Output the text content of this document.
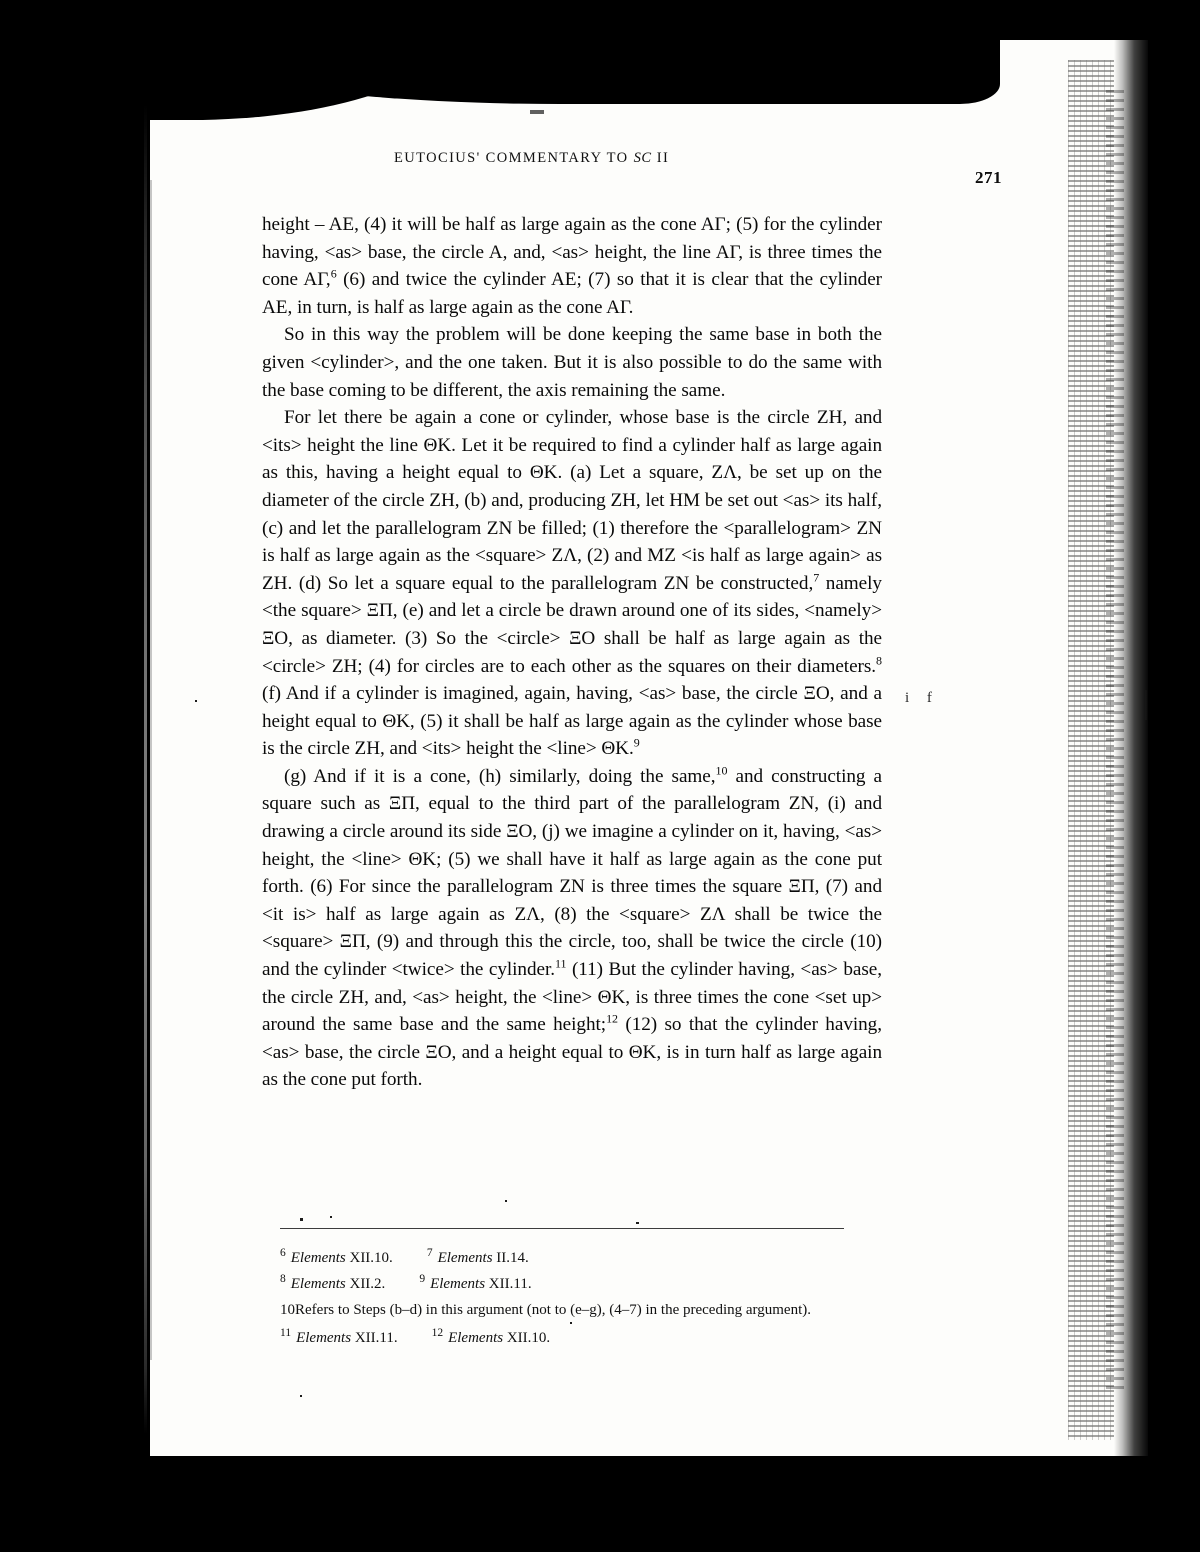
271
EUTOCIUS' COMMENTARY TO SC II

height – AE, (4) it will be half as large again as the cone AΓ; (5) for the cylinder having, <as> base, the circle A, and, <as> height, the line AΓ, is three times the cone AΓ,$^6$ (6) and twice the cylinder AE; (7) so that it is clear that the cylinder AE, in turn, is half as large again as the cone AΓ.

So in this way the problem will be done keeping the same base in both the given <cylinder>, and the one taken. But it is also possible to do the same with the base coming to be different, the axis remaining the same.

For let there be again a cone or cylinder, whose base is the circle ZH, and <its> height the line ΘK. Let it be required to find a cylinder half as large again as this, having a height equal to ΘK. (a) Let a square, ZΛ, be set up on the diameter of the circle ZH, (b) and, producing ZH, let HM be set out <as> its half, (c) and let the parallelogram ZN be filled; (1) therefore the <parallelogram> ZN is half as large again as the <square> ZΛ, (2) and MZ <is half as large again> as ZH. (d) So let a square equal to the parallelogram ZN be constructed,$^7$ namely <the square> ΞΠ, (e) and let a circle be drawn around one of its sides, <namely> ΞO, as diameter. (3) So the <circle> ΞO shall be half as large again as the <circle> ZH; (4) for circles are to each other as the squares on their diameters.$^8$ (f) And if a cylinder is imagined, again, having, <as> base, the circle ΞO, and a height equal to ΘK, (5) it shall be half as large again as the cylinder whose base is the circle ZH, and <its> height the <line> ΘK.$^9$

(g) And if it is a cone, (h) similarly, doing the same,$^{10}$ and constructing a square such as ΞΠ, equal to the third part of the parallelogram ZN, (i) and drawing a circle around its side ΞO, (j) we imagine a cylinder on it, having, <as> height, the <line> ΘK; (5) we shall have it half as large again as the cone put forth. (6) For since the parallelogram ZN is three times the square ΞΠ, (7) and <it is> half as large again as ZΛ, (8) the <square> ZΛ shall be twice the <square> ΞΠ, (9) and through this the circle, too, shall be twice the circle (10) and the cylinder <twice> the cylinder.$^{11}$ (11) But the cylinder having, <as> base, the circle ZH, and, <as> height, the <line> ΘK, is three times the cone <set up> around the same base and the same height;$^{12}$ (12) so that the cylinder having, <as> base, the circle ΞO, and a height equal to ΘK, is in turn half as large again as the cone put forth.

$^6$ Elements XII.10.	$^7$ Elements II.14.

$^8$ Elements XII.2.	$^9$ Elements XII.11.

10Refers to Steps (b–d) in this argument (not to (e–g), (4–7) in the preceding argument).

$^{11}$ Elements XII.11.	$^{12}$ Elements XII.10.

i f
